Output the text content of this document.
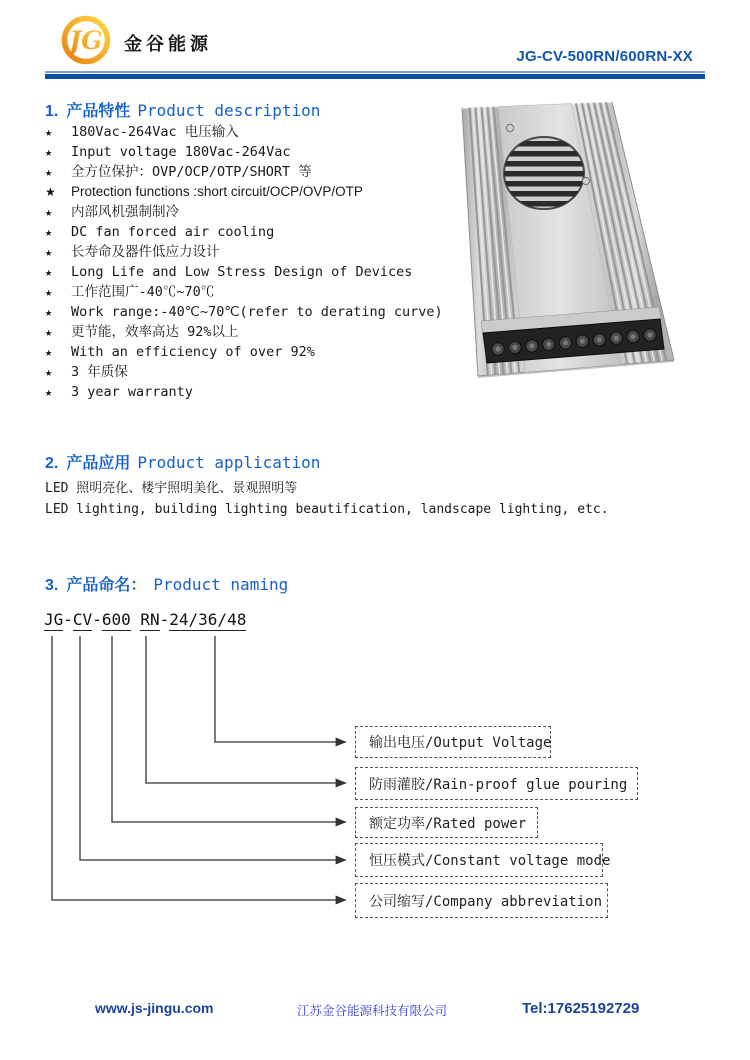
JG 金谷能源
JG-CV-500RN/600RN-XX
1. 产品特性 Product description
★ 180Vac-264Vac 电压输入
★ Input voltage 180Vac-264Vac
★ 全方位保护：OVP/OCP/OTP/SHORT 等
★ Protection functions :short circuit/OCP/OVP/OTP
★ 内部风机强制制冷
★ DC fan forced air cooling
★ 长寿命及器件低应力设计
★ Long Life and Low Stress Design of Devices
★ 工作范围广-40℃~70℃
★ Work range:-40℃~70℃(refer to derating curve)
★ 更节能，效率高达 92%以上
★ With an efficiency of over 92%
★ 3 年质保
★ 3 year warranty
2. 产品应用 Product application
LED 照明亮化、楼宇照明美化、景观照明等
LED lighting, building lighting beautification, landscape lighting, etc.
3. 产品命名： Product naming
JG-CV-600 RN-24/36/48
输出电压/Output Voltage
防雨灌胶/Rain-proof glue pouring
额定功率/Rated power
恒压模式/Constant voltage mode
公司缩写/Company abbreviation
www.js-jingu.com	江苏金谷能源科技有限公司	Tel:17625192729
